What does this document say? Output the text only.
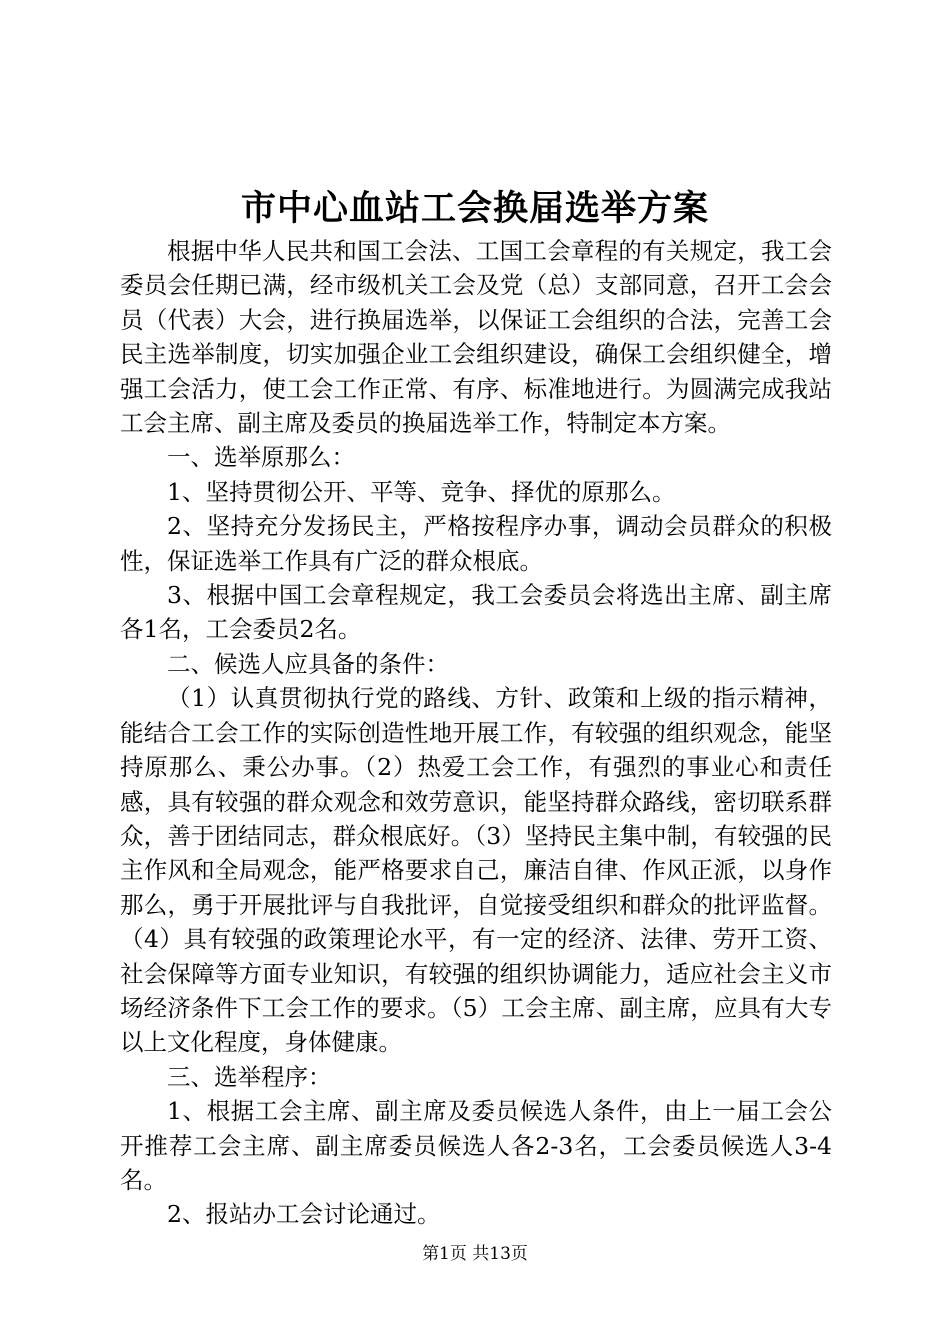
市中心血站工会换届选举方案

根据中华人民共和国工会法、工国工会章程的有关规定，我工会委员会任期已满，经市级机关工会及党（总）支部同意，召开工会会员（代表）大会，进行换届选举，以保证工会组织的合法，完善工会民主选举制度，切实加强企业工会组织建设，确保工会组织健全，增强工会活力，使工会工作正常、有序、标准地进行。为圆满完成我站工会主席、副主席及委员的换届选举工作，特制定本方案。

一、选举原那么：

1、坚持贯彻公开、平等、竞争、择优的原那么。

2、坚持充分发扬民主，严格按程序办事，调动会员群众的积极性，保证选举工作具有广泛的群众根底。

3、根据中国工会章程规定，我工会委员会将选出主席、副主席各1名，工会委员2名。

二、候选人应具备的条件：

（1）认真贯彻执行党的路线、方针、政策和上级的指示精神，能结合工会工作的实际创造性地开展工作，有较强的组织观念，能坚持原那么、秉公办事。（2）热爱工会工作，有强烈的事业心和责任感，具有较强的群众观念和效劳意识，能坚持群众路线，密切联系群众，善于团结同志，群众根底好。（3）坚持民主集中制，有较强的民主作风和全局观念，能严格要求自己，廉洁自律、作风正派，以身作那么，勇于开展批评与自我批评，自觉接受组织和群众的批评监督。（4）具有较强的政策理论水平，有一定的经济、法律、劳开工资、社会保障等方面专业知识，有较强的组织协调能力，适应社会主义市场经济条件下工会工作的要求。（5）工会主席、副主席，应具有大专以上文化程度，身体健康。

三、选举程序：

1、根据工会主席、副主席及委员候选人条件，由上一届工会公开推荐工会主席、副主席委员候选人各2-3名，工会委员候选人3-4名。

2、报站办工会讨论通过。

第1页 共13页
